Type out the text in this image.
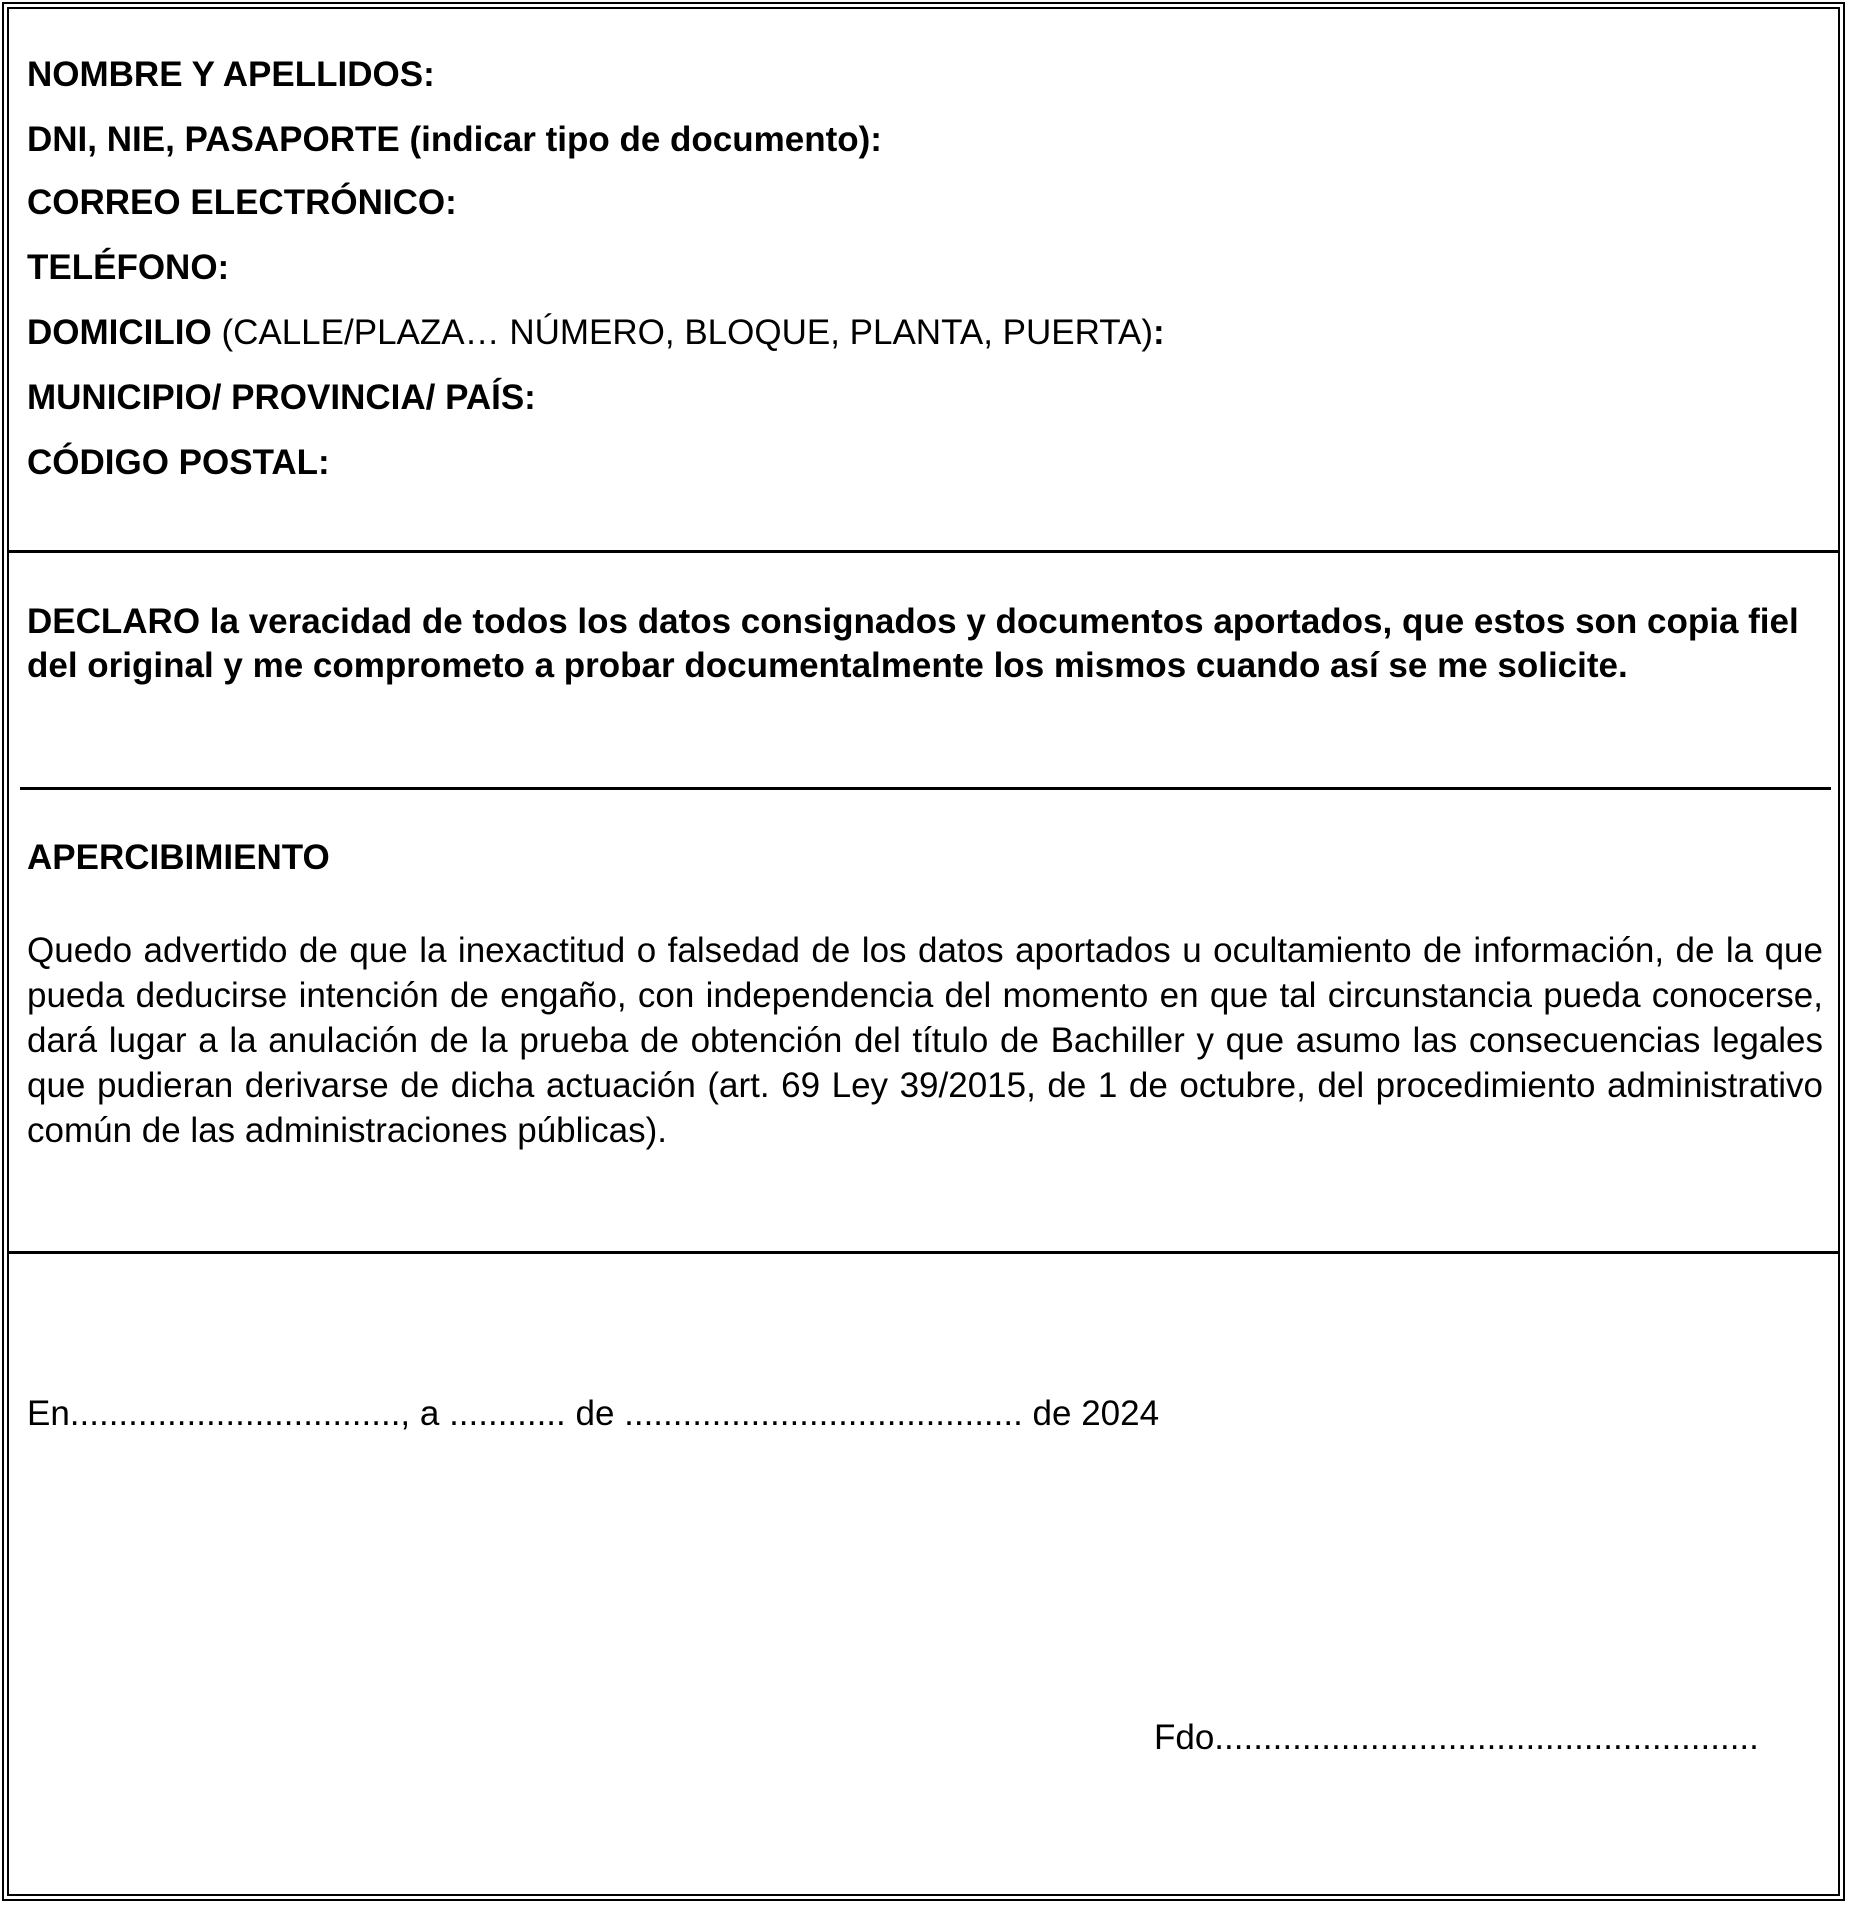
NOMBRE Y APELLIDOS:
DNI, NIE, PASAPORTE (indicar tipo de documento):
CORREO ELECTRÓNICO:
TELÉFONO:
DOMICILIO (CALLE/PLAZA… NÚMERO, BLOQUE, PLANTA, PUERTA):
MUNICIPIO/ PROVINCIA/ PAÍS:
CÓDIGO POSTAL:
DECLARO la veracidad de todos los datos consignados y documentos aportados, que estos son copia fiel del original y me comprometo a probar documentalmente los mismos cuando así se me solicite.
APERCIBIMIENTO
Quedo advertido de que la inexactitud o falsedad de los datos aportados u ocultamiento de información, de la que pueda deducirse intención de engaño, con independencia del momento en que tal circunstancia pueda conocerse, dará lugar a la anulación de la prueba de obtención del título de Bachiller y que asumo las consecuencias legales que pudieran derivarse de dicha actuación (art. 69 Ley 39/2015, de 1 de octubre, del procedimiento administrativo común de las administraciones públicas).
En.................................., a ............ de ......................................... de 2024
Fdo........................................................
